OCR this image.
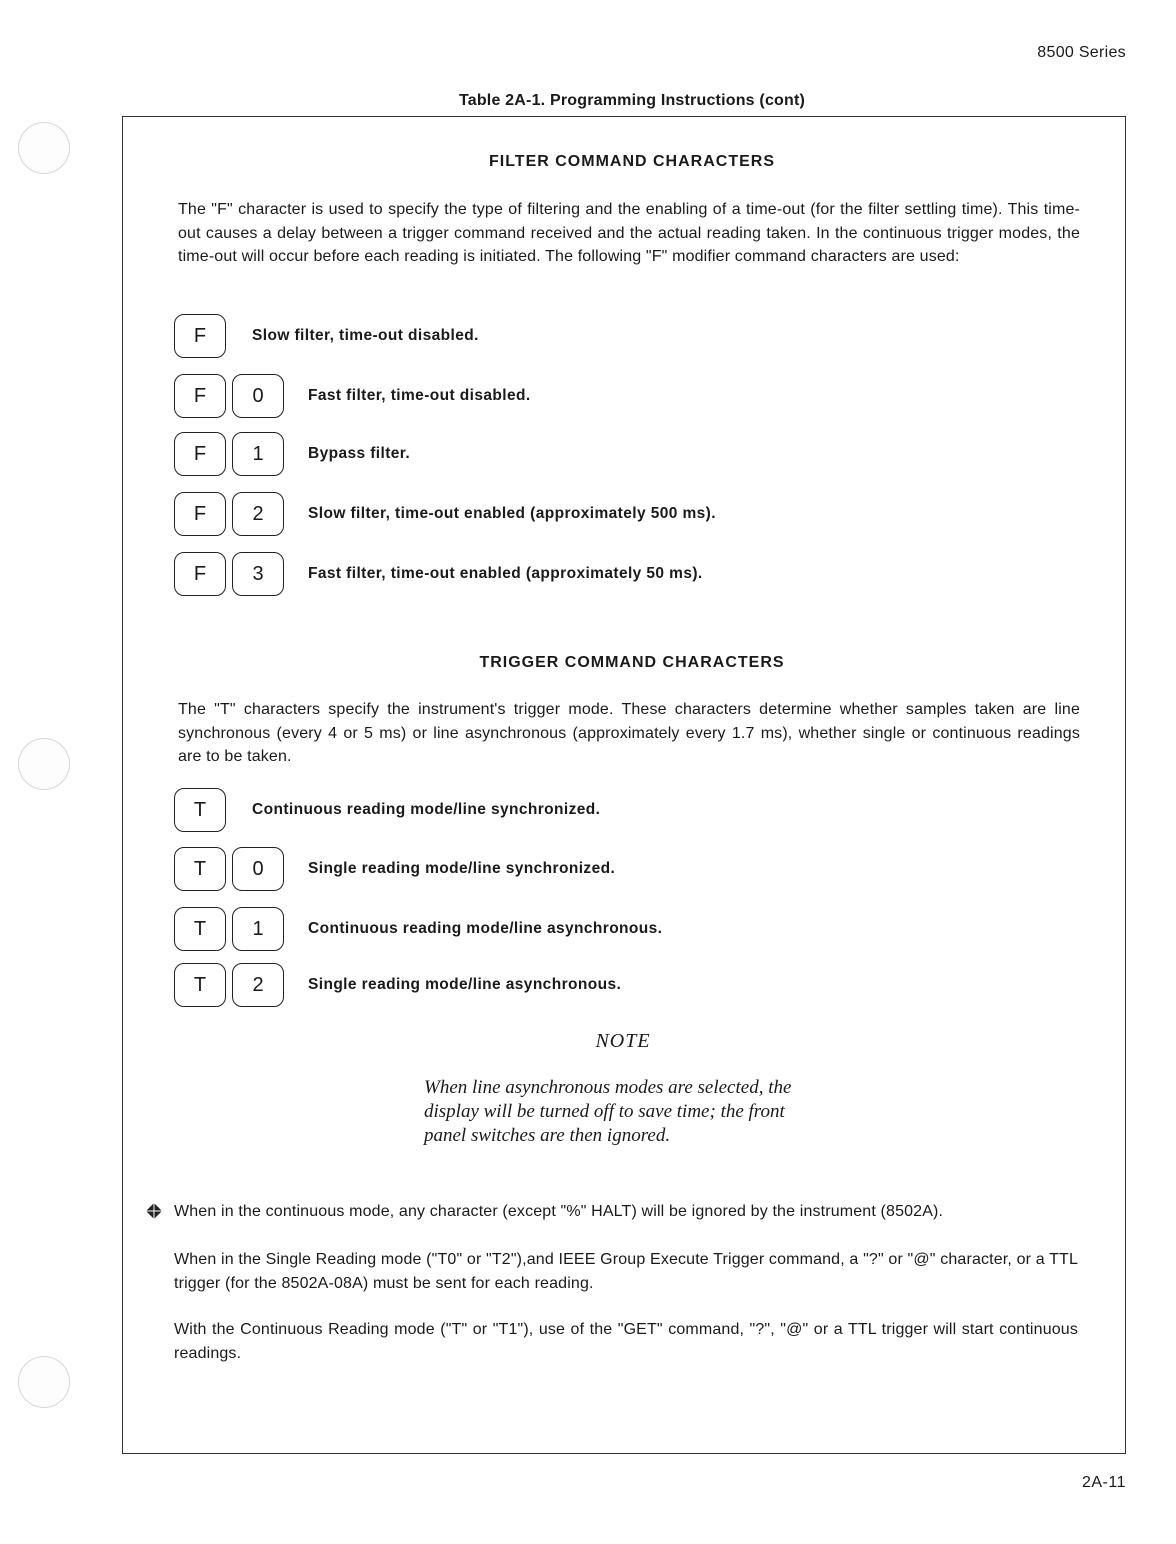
8500 Series
Table 2A-1. Programming Instructions (cont)
FILTER COMMAND CHARACTERS
The "F" character is used to specify the type of filtering and the enabling of a time-out (for the filter settling time). This time-out causes a delay between a trigger command received and the actual reading taken. In the continuous trigger modes, the time-out will occur before each reading is initiated. The following "F" modifier command characters are used:
F	Slow filter, time-out disabled.
F	0	Fast filter, time-out disabled.
F	1	Bypass filter.
F	2	Slow filter, time-out enabled (approximately 500 ms).
F	3	Fast filter, time-out enabled (approximately 50 ms).
TRIGGER COMMAND CHARACTERS
The "T" characters specify the instrument's trigger mode. These characters determine whether samples taken are line synchronous (every 4 or 5 ms) or line asynchronous (approximately every 1.7 ms), whether single or continuous readings are to be taken.
T	Continuous reading mode/line synchronized.
T	0	Single reading mode/line synchronized.
T	1	Continuous reading mode/line asynchronous.
T	2	Single reading mode/line asynchronous.
NOTE
When line asynchronous modes are selected, the
display will be turned off to save time; the front
panel switches are then ignored.
When in the continuous mode, any character (except "%" HALT) will be ignored by the instrument (8502A).
When in the Single Reading mode ("T0" or "T2"),and IEEE Group Execute Trigger command, a "?" or "@" character, or a TTL trigger (for the 8502A-08A) must be sent for each reading.
With the Continuous Reading mode ("T" or "T1"), use of the "GET" command, "?", "@" or a TTL trigger will start continuous readings.
2A-11
